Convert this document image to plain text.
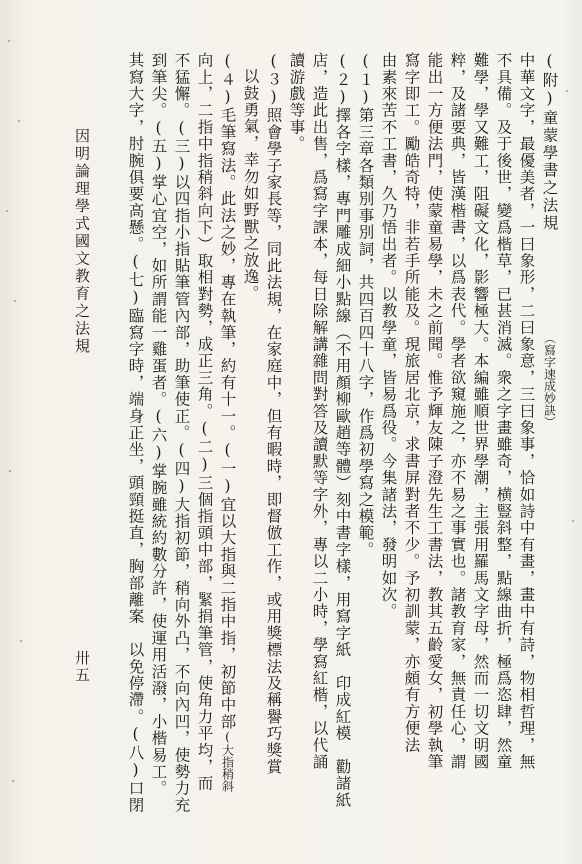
(附)童蒙學書之法規（寫字速成妙訣）
中華文字，最優美者，一曰象形，二曰象意，三曰象事，恰如詩中有畫，畫中有詩，物相哲理，無
不具備。及于後世，變爲楷草，已甚消滅。衆之字畫雖奇，横豎斜整，點線曲折，極爲恣肆，然童
難學，學又難工，阻礙文化，影響極大。本編雖順世界學潮，主張用羅馬文字母，然而一切文明國
粹，及諸要典，皆漢楷書，以爲表代。學者欲窺施之，亦不易之事實也。諸教育家，無責任心，謂
能出一方便法門，使蒙童易學，未之前聞。惟予輝友陳子澄先生工書法，教其五齡愛女，初學執筆
寫字即工。勵皓奇特，非若手所能及。現旅居北京，求書屏對者不少。予初訓蒙，亦頗有方便法
由素來苦不工書，久乃悟出者。以教學童，皆易爲役。今集諸法，發明如次。
(１)第三章各類別事別詞，共四百四十八字，作爲初學寫之模範。
(２)擇各字樣，專門雕成細小點線（不用顏柳歐趙等體）刻中書字樣，用寫字紙　印成紅模　勸諸紙
店，造此出售，爲寫字課本，每日除解講雜問對答及讀默等字外，專以二小時，學寫紅楷，以代誦
讀游戲等事。
(３)照會學子家長等，同此法規，在家庭中，但有暇時，即督倣工作，或用獎標法及稱譽巧獎賞
以鼓勇氣，幸勿如野獸之放逸。
(４)毛筆寫法。此法之妙，專在執筆，約有十一。(一)宜以大指與二指中指，初節中部(大指稍斜
向上，二指中指稍斜向下）取相對勢，成正三角。(二)三個指頭中部，緊捐筆管，使角力平均，而
不猛懈。(三)以四指小指貼筆管內部，助筆使正。(四)大指初節，稍向外凸，不向內凹，使勢力充
到筆尖。(五)掌心宜空，如所謂能一雞蛋者。(六)掌腕雖統約數分許，使運用活潑，小楷易工。
其寫大字，肘腕俱要高懸。(七)臨寫字時，端身正坐，頭頸挺直，胸部離案　以免停滯。(八)口閉
因明論理學式國文教育之法規
卅五
